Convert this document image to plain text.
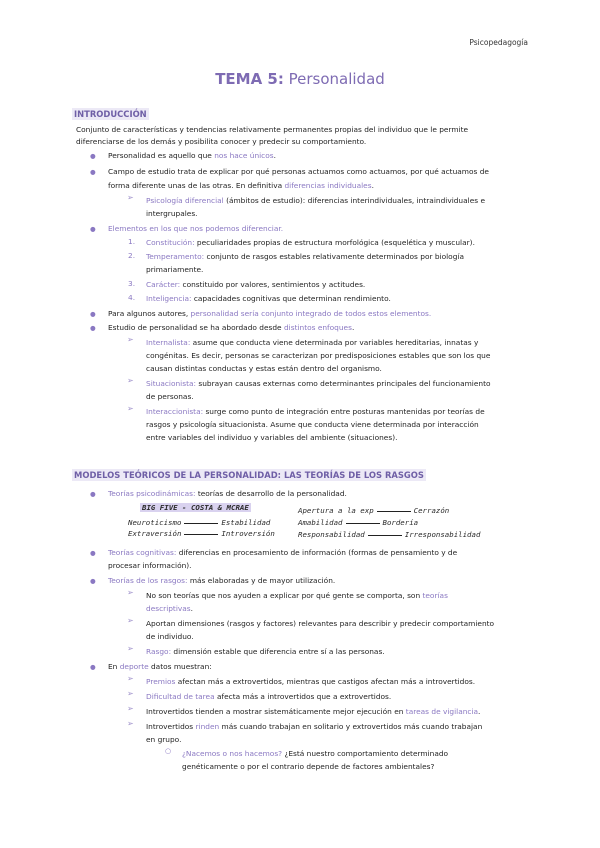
Psicopedagogía
TEMA 5: Personalidad
INTRODUCCIÓN
Conjunto de características y tendencias relativamente permanentes propias del individuo que le permite
diferenciarse de los demás y posibilita conocer y predecir su comportamiento.
● Personalidad es aquello que nos hace únicos.
● Campo de estudio trata de explicar por qué personas actuamos como actuamos, por qué actuamos de
forma diferente unas de las otras. En definitiva diferencias individuales.
➢ Psicología diferencial (ámbitos de estudio): diferencias interindividuales, intraindividuales e
intergrupales.
● Elementos en los que nos podemos diferenciar.
1. Constitución: peculiaridades propias de estructura morfológica (esquelética y muscular).
2. Temperamento: conjunto de rasgos estables relativamente determinados por biología
primariamente.
3. Carácter: constituido por valores, sentimientos y actitudes.
4. Inteligencia: capacidades cognitivas que determinan rendimiento.
● Para algunos autores, personalidad sería conjunto integrado de todos estos elementos.
● Estudio de personalidad se ha abordado desde distintos enfoques.
➢ Internalista: asume que conducta viene determinada por variables hereditarias, innatas y
congénitas. Es decir, personas se caracterizan por predisposiciones estables que son los que
causan distintas conductas y estas están dentro del organismo.
➢ Situacionista: subrayan causas externas como determinantes principales del funcionamiento
de personas.
➢ Interaccionista: surge como punto de integración entre posturas mantenidas por teorías de
rasgos y psicología situacionista. Asume que conducta viene determinada por interacción
entre variables del individuo y variables del ambiente (situaciones).
MODELOS TEÓRICOS DE LA PERSONALIDAD: LAS TEORÍAS DE LOS RASGOS
● Teorías psicodinámicas: teorías de desarrollo de la personalidad.
BIG FIVE - COSTA & MCRAE
Neuroticismo	Estabilidad
Extraversión	Introversión
Apertura a la exp	Cerrazón
Amabilidad	Bordería
Responsabilidad	Irresponsabilidad
● Teorías cognitivas: diferencias en procesamiento de información (formas de pensamiento y de
procesar información).
● Teorías de los rasgos: más elaboradas y de mayor utilización.
➢ No son teorías que nos ayuden a explicar por qué gente se comporta, son teorías
descriptivas.
➢ Aportan dimensiones (rasgos y factores) relevantes para describir y predecir comportamiento
de individuo.
➢ Rasgo: dimensión estable que diferencia entre sí a las personas.
● En deporte datos muestran:
➢ Premios afectan más a extrovertidos, mientras que castigos afectan más a introvertidos.
➢ Dificultad de tarea afecta más a introvertidos que a extrovertidos.
➢ Introvertidos tienden a mostrar sistemáticamente mejor ejecución en tareas de vigilancia.
➢ Introvertidos rinden más cuando trabajan en solitario y extrovertidos más cuando trabajan
en grupo.
○ ¿Nacemos o nos hacemos? ¿Está nuestro comportamiento determinado
genéticamente o por el contrario depende de factores ambientales?
